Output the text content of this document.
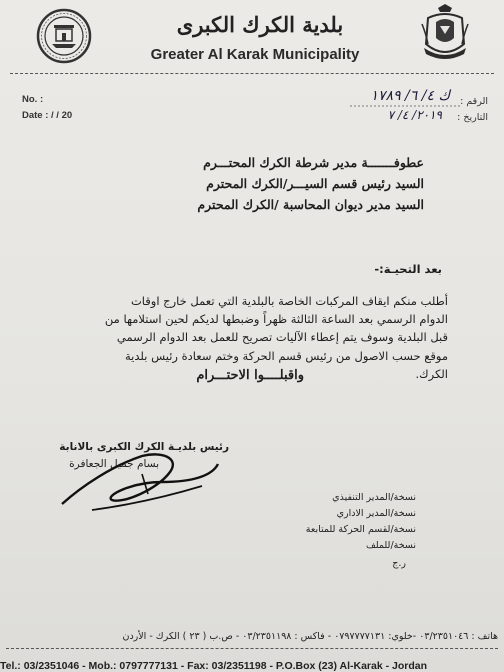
بلدية الكرك الكبرى
Greater Al Karak Municipality
No. :
Date : / / 20
الرقم :
التاريخ :
ك ٤/ ٦/ ١٧٨٩
٢٠١٩/ ٤/ ٧
عطوفـــــــة مدير شرطة الكرك المحتـــرم
السيد رئيس قسم السيـــر/الكرك المحترم
السيد مدير ديوان المحاسبة /الكرك المحترم
بعد التحيـة:-
أطلب منكم ايقاف المركبات الخاصة بالبلدية التي تعمل خارج اوقات
الدوام الرسمي بعد الساعة الثالثة ظهراً وضبطها لديكم لحين استلامها من
قبل البلدية وسوف يتم إعطاء الآليات تصريح للعمل بعد الدوام الرسمي
موقع حسب الاصول من رئيس قسم الحركة وختم سعادة رئيس بلدية
الكرك.
واقبلــــوا الاحتـــرام
رئيس بلديـة الكرك الكبرى بالانابة
بسام جميل الجعافرة
نسخة/المدير التنفيذي
نسخة/المدير الاداري
نسخة/لقسم الحركة للمتابعة
نسخة/للملف
ر.ج
هاتف : ٠٣/٢٣٥١٠٤٦ -خلوي: ٠٧٩٧٧٧٧١٣١ - فاكس : ٠٣/٢٣٥١١٩٨ - ص.ب ( ٢٣ ) الكرك - الأردن
Tel.: 03/2351046 - Mob.: 0797777131 - Fax: 03/2351198 - P.O.Box (23) Al-Karak - Jordan
